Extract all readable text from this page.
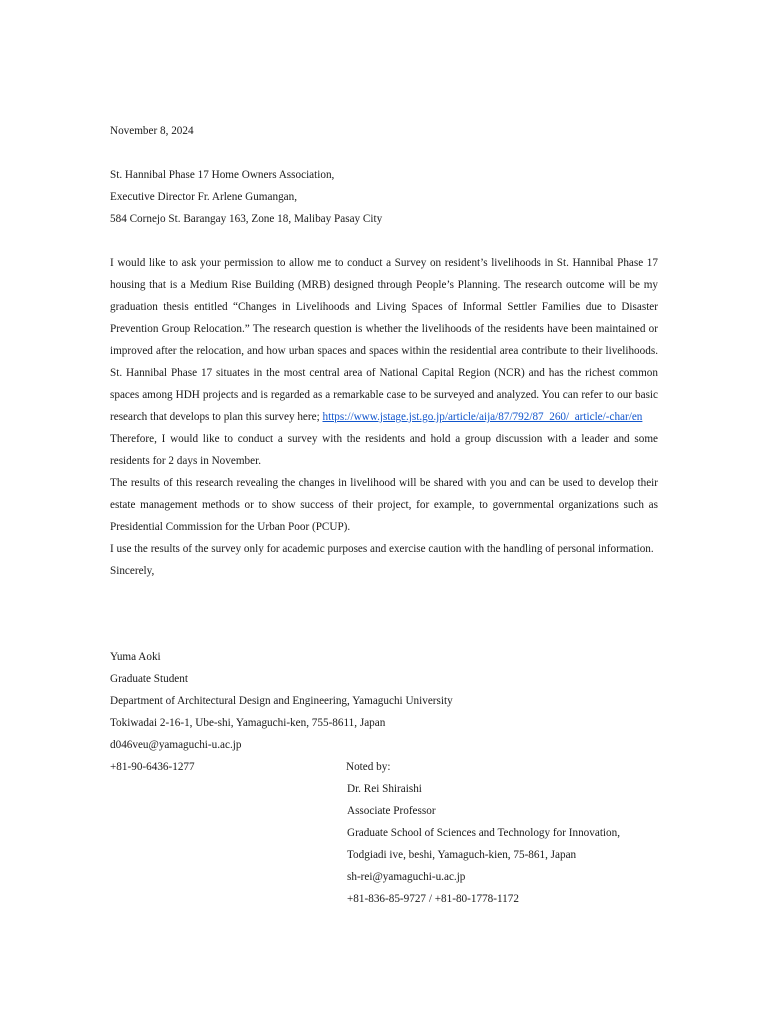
November 8, 2024
St. Hannibal Phase 17 Home Owners Association,
Executive Director Fr. Arlene Gumangan,
584 Cornejo St. Barangay 163, Zone 18, Malibay Pasay City
I would like to ask your permission to allow me to conduct a Survey on resident’s livelihoods in St. Hannibal Phase 17 housing that is a Medium Rise Building (MRB) designed through People’s Planning. The research outcome will be my graduation thesis entitled “Changes in Livelihoods and Living Spaces of Informal Settler Families due to Disaster Prevention Group Relocation.” The research question is whether the livelihoods of the residents have been maintained or improved after the relocation, and how urban spaces and spaces within the residential area contribute to their livelihoods. St. Hannibal Phase 17 situates in the most central area of National Capital Region (NCR) and has the richest common spaces among HDH projects and is regarded as a remarkable case to be surveyed and analyzed. You can refer to our basic research that develops to plan this survey here; https://www.jstage.jst.go.jp/article/aija/87/792/87_260/_article/-char/en
Therefore, I would like to conduct a survey with the residents and hold a group discussion with a leader and some residents for 2 days in November.
The results of this research revealing the changes in livelihood will be shared with you and can be used to develop their estate management methods or to show success of their project, for example, to governmental organizations such as Presidential Commission for the Urban Poor (PCUP).
I use the results of the survey only for academic purposes and exercise caution with the handling of personal information.
Sincerely,
Yuma Aoki
Graduate Student
Department of Architectural Design and Engineering, Yamaguchi University
Tokiwadai 2-16-1, Ube-shi, Yamaguchi-ken, 755-8611, Japan
d046veu@yamaguchi-u.ac.jp
+81-90-6436-1277	Noted by:
Dr. Rei Shiraishi
Associate Professor
Graduate School of Sciences and Technology for Innovation,
Todgiadi ive, beshi, Yamaguch-kien, 75-861, Japan
sh-rei@yamaguchi-u.ac.jp
+81-836-85-9727 / +81-80-1778-1172
